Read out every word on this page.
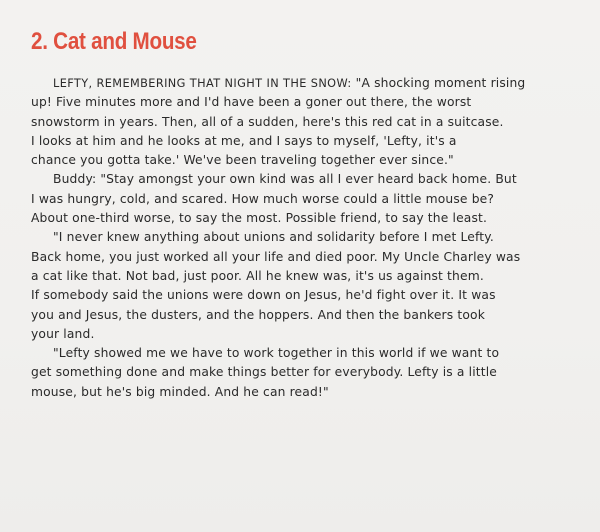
2. Cat and Mouse
LEFTY, REMEMBERING THAT NIGHT IN THE SNOW: "A shocking moment rising
up! Five minutes more and I'd have been a goner out there, the worst
snowstorm in years. Then, all of a sudden, here's this red cat in a suitcase.
I looks at him and he looks at me, and I says to myself, 'Lefty, it's a
chance you gotta take.' We've been traveling together ever since."
Buddy: "Stay amongst your own kind was all I ever heard back home. But
I was hungry, cold, and scared. How much worse could a little mouse be?
About one-third worse, to say the most. Possible friend, to say the least.
"I never knew anything about unions and solidarity before I met Lefty.
Back home, you just worked all your life and died poor. My Uncle Charley was
a cat like that. Not bad, just poor. All he knew was, it's us against them.
If somebody said the unions were down on Jesus, he'd fight over it. It was
you and Jesus, the dusters, and the hoppers. And then the bankers took
your land.
"Lefty showed me we have to work together in this world if we want to
get something done and make things better for everybody. Lefty is a little
mouse, but he's big minded. And he can read!"
